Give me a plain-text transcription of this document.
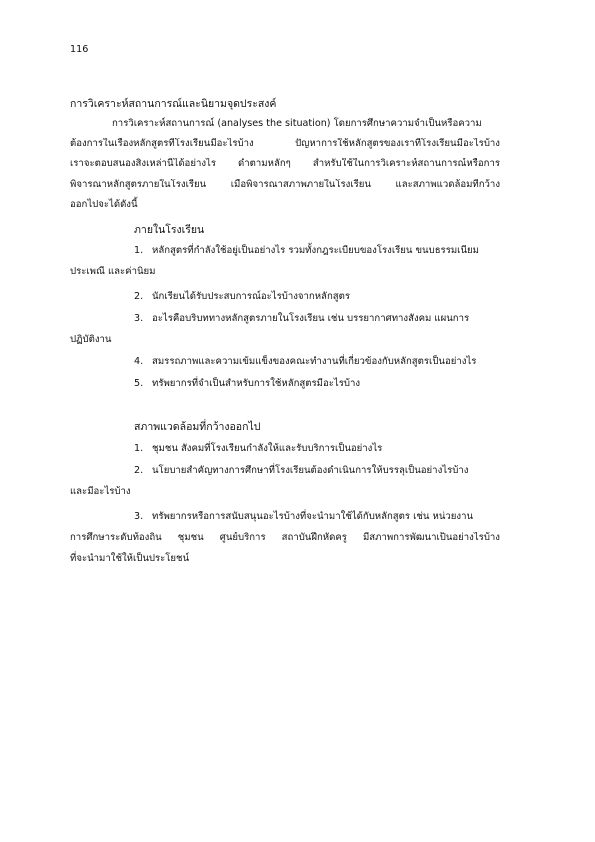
116
การวิเคราะห์สถานการณ์และนิยามจุดประสงค์
การวิเคราะห์สถานการณ์ (analyses the situation) โดยการศึกษาความจำเป็นหรือความ
ต้องการในเรื่องหลักสูตรที่โรงเรียนมีอะไรบ้าง ปัญหาการใช้หลักสูตรของเราที่โรงเรียนมีอะไรบ้าง
เราจะตอบสนองสิ่งเหล่านี้ได้อย่างไร ดำตามหลักๆ สำหรับใช้ในการวิเคราะห์สถานการณ์หรือการ
พิจารณาหลักสูตรภายในโรงเรียน เมื่อพิจารณาสภาพภายในโรงเรียน และสภาพแวดล้อมที่กว้าง
ออกไปจะได้ดังนี้
ภายในโรงเรียน
1. หลักสูตรที่กำลังใช้อยู่เป็นอย่างไร รวมทั้งกฎระเบียบของโรงเรียน ขนบธรรมเนียม
ประเพณี และค่านิยม
2. นักเรียนได้รับประสบการณ์อะไรบ้างจากหลักสูตร
3. อะไรคือบริบททางหลักสูตรภายในโรงเรียน เช่น บรรยากาศทางสังคม แผนการ
ปฏิบัติงาน
4. สมรรถภาพและความเข้มแข็งของคณะทำงานที่เกี่ยวข้องกับหลักสูตรเป็นอย่างไร
5. ทรัพยากรที่จำเป็นสำหรับการใช้หลักสูตรมีอะไรบ้าง
สภาพแวดล้อมที่กว้างออกไป
1. ชุมชน สังคมที่โรงเรียนกำลังให้และรับบริการเป็นอย่างไร
2. นโยบายสำคัญทางการศึกษาที่โรงเรียนต้องดำเนินการให้บรรลุเป็นอย่างไรบ้าง
และมีอะไรบ้าง
3. ทรัพยากรหรือการสนับสนุนอะไรบ้างที่จะนำมาใช้ได้กับหลักสูตร เช่น หน่วยงาน
การศึกษาระดับท้องถิ่น ชุมชน ศูนย์บริการ สถาบันฝึกหัดครู มีสภาพการพัฒนาเป็นอย่างไรบ้าง
ที่จะนำมาใช้ให้เป็นประโยชน์
